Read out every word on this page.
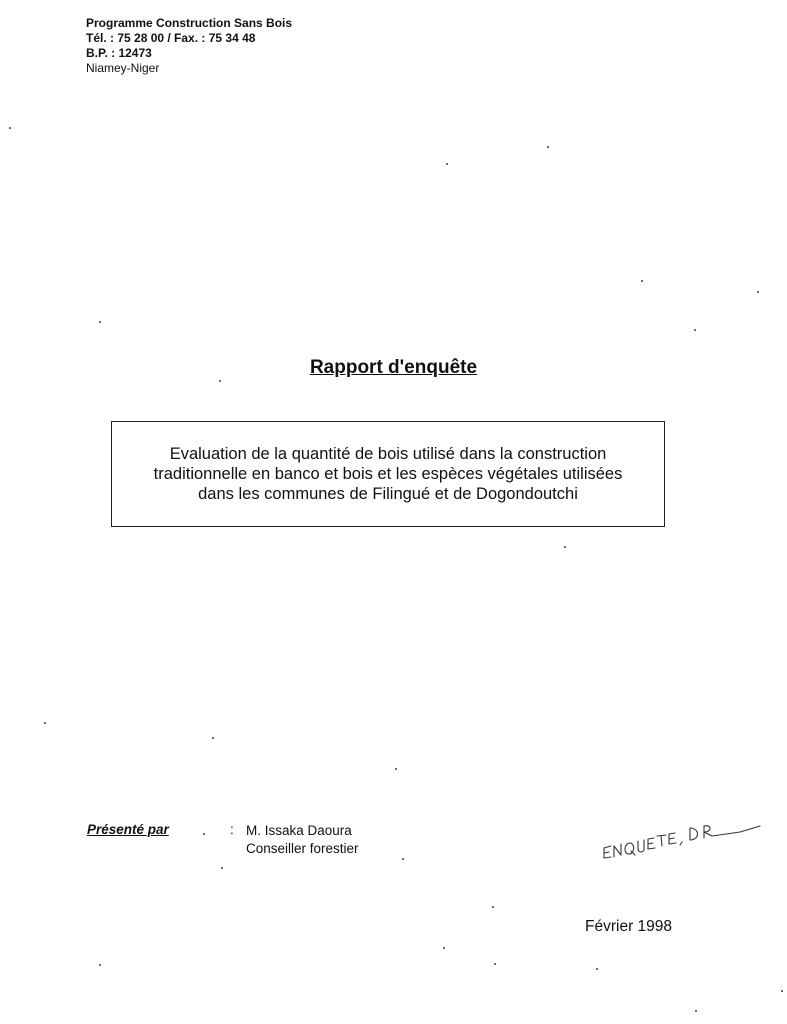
Programme Construction Sans Bois
Tél. : 75 28 00 / Fax. : 75 34 48
B.P. : 12473
Niamey-Niger
Rapport d'enquête
Evaluation de la quantité de bois utilisé dans la construction
traditionnelle en banco et bois et les espèces végétales utilisées
dans les communes de Filingué et de Dogondoutchi
Présenté par	: M. Issaka Daoura
Conseiller forestier
Février 1998
